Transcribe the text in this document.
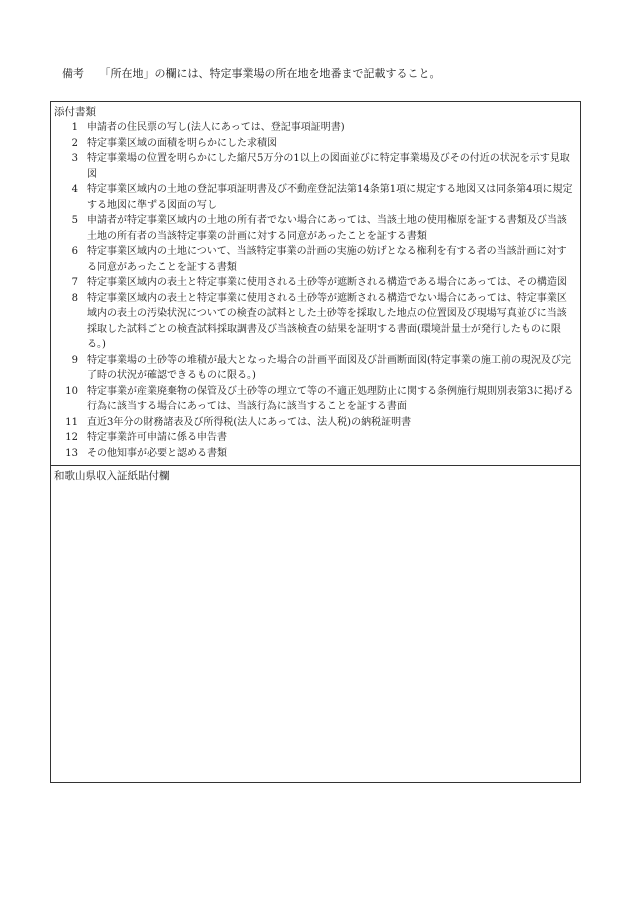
備考 「所在地」の欄には、特定事業場の所在地を地番まで記載すること。

添付書類

1 申請者の住民票の写し(法人にあっては、登記事項証明書)
2 特定事業区域の面積を明らかにした求積図
3 特定事業場の位置を明らかにした縮尺5万分の1以上の図面並びに特定事業場及びその付近の状況を示す見取図
4 特定事業区域内の土地の登記事項証明書及び不動産登記法第14条第1項に規定する地図又は同条第4項に規定する地図に準ずる図面の写し
5 申請者が特定事業区域内の土地の所有者でない場合にあっては、当該土地の使用権原を証する書類及び当該土地の所有者の当該特定事業の計画に対する同意があったことを証する書類
6 特定事業区域内の土地について、当該特定事業の計画の実施の妨げとなる権利を有する者の当該計画に対する同意があったことを証する書類
7 特定事業区域内の表土と特定事業に使用される土砂等が遮断される構造である場合にあっては、その構造図
8 特定事業区域内の表土と特定事業に使用される土砂等が遮断される構造でない場合にあっては、特定事業区域内の表土の汚染状況についての検査の試料とした土砂等を採取した地点の位置図及び現場写真並びに当該採取した試料ごとの検査試料採取調書及び当該検査の結果を証明する書面(環境計量士が発行したものに限る。)
9 特定事業場の土砂等の堆積が最大となった場合の計画平面図及び計画断面図(特定事業の施工前の現況及び完了時の状況が確認できるものに限る。)
10 特定事業が産業廃棄物の保管及び土砂等の埋立て等の不適正処理防止に関する条例施行規則別表第3に掲げる行為に該当する場合にあっては、当該行為に該当することを証する書面
11 直近3年分の財務諸表及び所得税(法人にあっては、法人税)の納税証明書
12 特定事業許可申請に係る申告書
13 その他知事が必要と認める書類

和歌山県収入証紙貼付欄
